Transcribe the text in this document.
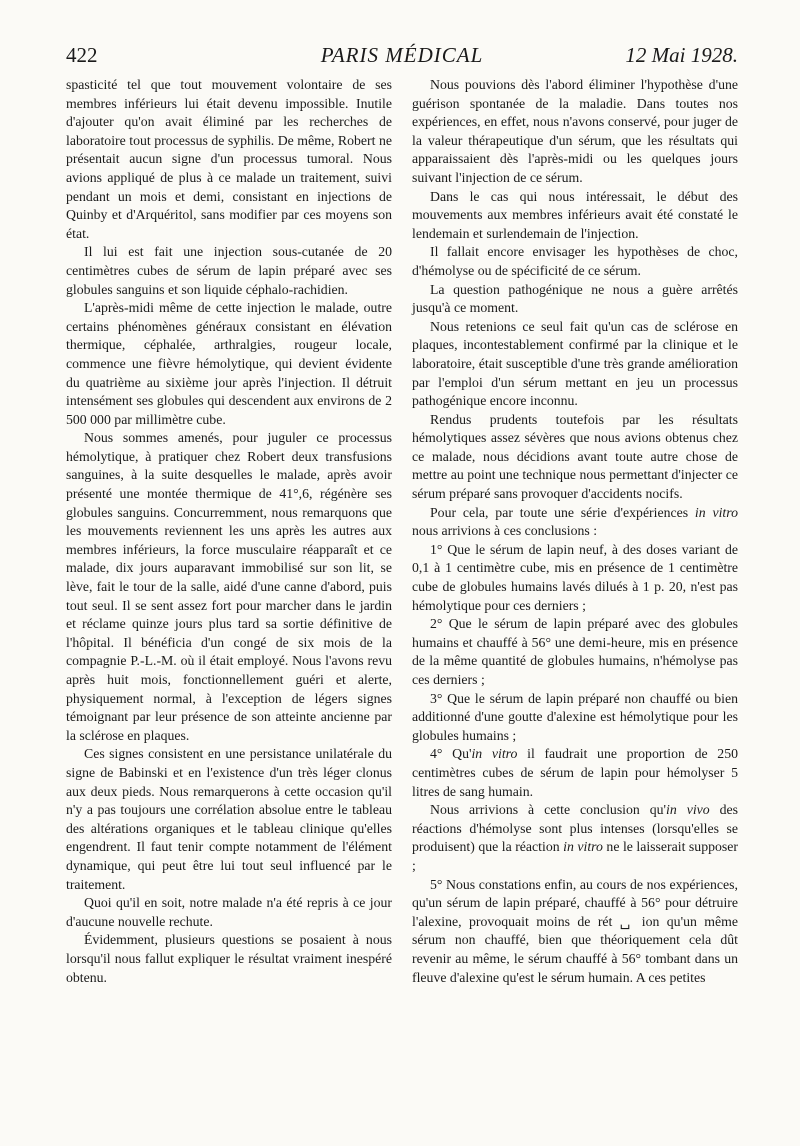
422	PARIS MÉDICAL	12 Mai 1928.

spasticité tel que tout mouvement volontaire de ses membres inférieurs lui était devenu impossible. Inutile d'ajouter qu'on avait éliminé par les recherches de laboratoire tout processus de syphilis. De même, Robert ne présentait aucun signe d'un processus tumoral. Nous avions appliqué de plus à ce malade un traitement, suivi pendant un mois et demi, consistant en injections de Quinby et d'Arquéritol, sans modifier par ces moyens son état.

Il lui est fait une injection sous-cutanée de 20 centimètres cubes de sérum de lapin préparé avec ses globules sanguins et son liquide céphalo-rachidien.

L'après-midi même de cette injection le malade, outre certains phénomènes généraux consistant en élévation thermique, céphalée, arthralgies, rougeur locale, commence une fièvre hémolytique, qui devient évidente du quatrième au sixième jour après l'injection. Il détruit intensément ses globules qui descendent aux environs de 2 500 000 par millimètre cube.

Nous sommes amenés, pour juguler ce processus hémolytique, à pratiquer chez Robert deux transfusions sanguines, à la suite desquelles le malade, après avoir présenté une montée thermique de 41°,6, régénère ses globules sanguins. Concurremment, nous remarquons que les mouvements reviennent les uns après les autres aux membres inférieurs, la force musculaire réapparaît et ce malade, dix jours auparavant immobilisé sur son lit, se lève, fait le tour de la salle, aidé d'une canne d'abord, puis tout seul. Il se sent assez fort pour marcher dans le jardin et réclame quinze jours plus tard sa sortie définitive de l'hôpital. Il bénéficia d'un congé de six mois de la compagnie P.-L.-M. où il était employé. Nous l'avons revu après huit mois, fonctionnellement guéri et alerte, physiquement normal, à l'exception de légers signes témoignant par leur présence de son atteinte ancienne par la sclérose en plaques.

Ces signes consistent en une persistance unilatérale du signe de Babinski et en l'existence d'un très léger clonus aux deux pieds. Nous remarquerons à cette occasion qu'il n'y a pas toujours une corrélation absolue entre le tableau des altérations organiques et le tableau clinique qu'elles engendrent. Il faut tenir compte notamment de l'élément dynamique, qui peut être lui tout seul influencé par le traitement.

Quoi qu'il en soit, notre malade n'a été repris à ce jour d'aucune nouvelle rechute.

Évidemment, plusieurs questions se posaient à nous lorsqu'il nous fallut expliquer le résultat vraiment inespéré obtenu.

Nous pouvions dès l'abord éliminer l'hypothèse d'une guérison spontanée de la maladie. Dans toutes nos expériences, en effet, nous n'avons conservé, pour juger de la valeur thérapeutique d'un sérum, que les résultats qui apparaissaient dès l'après-midi ou les quelques jours suivant l'injection de ce sérum.

Dans le cas qui nous intéressait, le début des mouvements aux membres inférieurs avait été constaté le lendemain et surlendemain de l'injection.

Il fallait encore envisager les hypothèses de choc, d'hémolyse ou de spécificité de ce sérum.

La question pathogénique ne nous a guère arrêtés jusqu'à ce moment.

Nous retenions ce seul fait qu'un cas de sclérose en plaques, incontestablement confirmé par la clinique et le laboratoire, était susceptible d'une très grande amélioration par l'emploi d'un sérum mettant en jeu un processus pathogénique encore inconnu.

Rendus prudents toutefois par les résultats hémolytiques assez sévères que nous avions obtenus chez ce malade, nous décidions avant toute autre chose de mettre au point une technique nous permettant d'injecter ce sérum préparé sans provoquer d'accidents nocifs.

Pour cela, par toute une série d'expériences in vitro nous arrivions à ces conclusions :

1° Que le sérum de lapin neuf, à des doses variant de 0,1 à 1 centimètre cube, mis en présence de 1 centimètre cube de globules humains lavés dilués à 1 p. 20, n'est pas hémolytique pour ces derniers ;

2° Que le sérum de lapin préparé avec des globules humains et chauffé à 56° une demi-heure, mis en présence de la même quantité de globules humains, n'hémolyse pas ces derniers ;

3° Que le sérum de lapin préparé non chauffé ou bien additionné d'une goutte d'alexine est hémolytique pour les globules humains ;

4° Qu'in vitro il faudrait une proportion de 250 centimètres cubes de sérum de lapin pour hémolyser 5 litres de sang humain.

Nous arrivions à cette conclusion qu'in vivo des réactions d'hémolyse sont plus intenses (lorsqu'elles se produisent) que la réaction in vitro ne le laisserait supposer ;

5° Nous constations enfin, au cours de nos expériences, qu'un sérum de lapin préparé, chauffé à 56° pour détruire l'alexine, provoquait moins de rét ␣ ion qu'un même sérum non chauffé, bien que théoriquement cela dût revenir au même, le sérum chauffé à 56° tombant dans un fleuve d'alexine qu'est le sérum humain. A ces petites
